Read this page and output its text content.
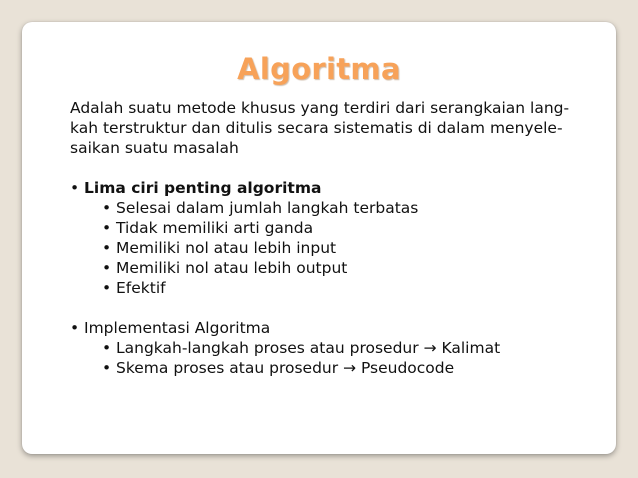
Algoritma

Adalah suatu metode khusus yang terdiri dari serangkaian lang-
kah terstruktur dan ditulis secara sistematis di dalam menyele-
saikan suatu masalah

• Lima ciri penting algoritma
• Selesai dalam jumlah langkah terbatas
• Tidak memiliki arti ganda
• Memiliki nol atau lebih input
• Memiliki nol atau lebih output
• Efektif
• Implementasi Algoritma
• Langkah-langkah proses atau prosedur → Kalimat
• Skema proses atau prosedur → Pseudocode
